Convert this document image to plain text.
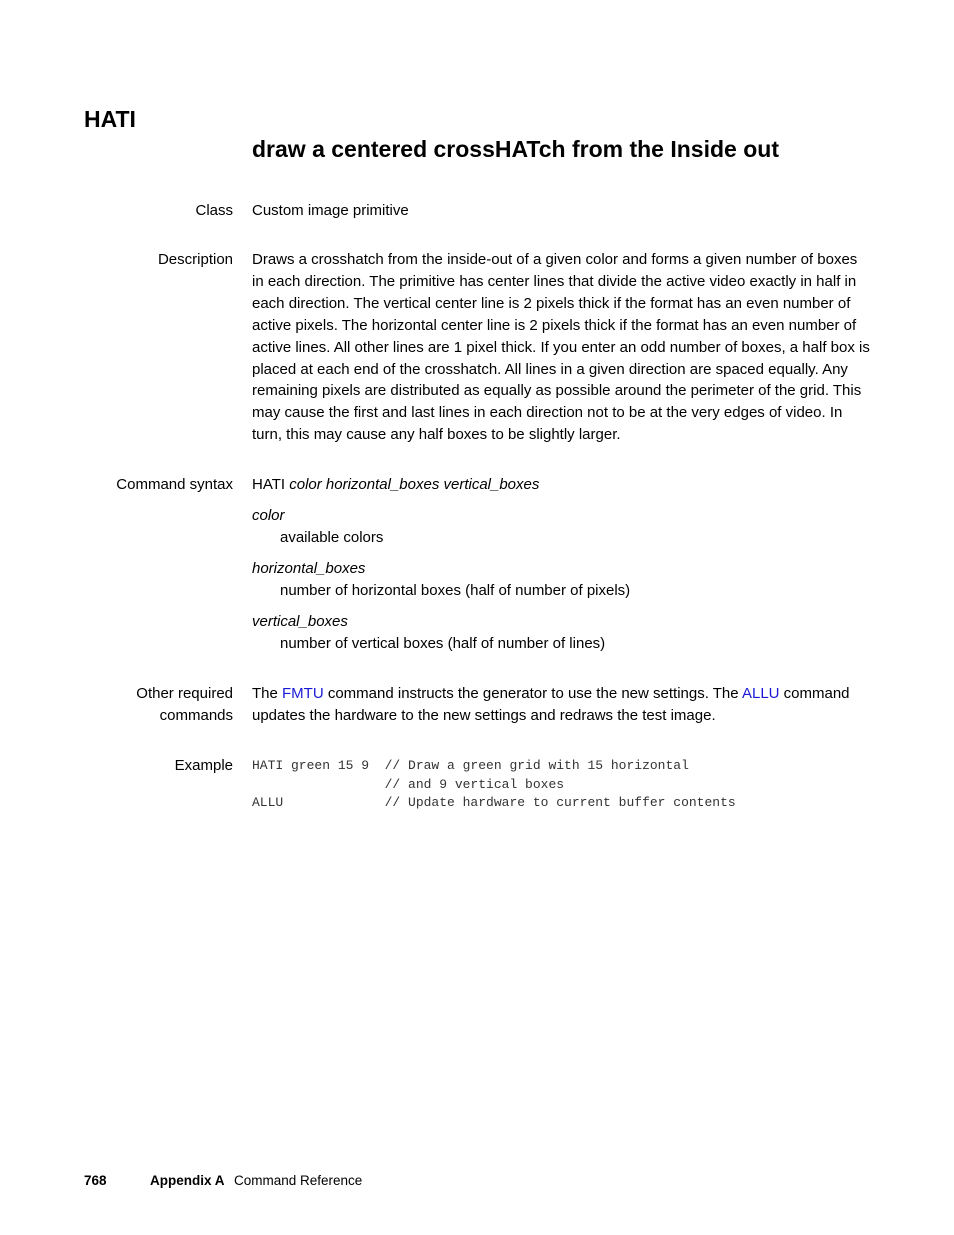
HATI
draw a centered crossHATch from the Inside out
Class Custom image primitive
Description Draws a crosshatch from the inside-out of a given color and forms a given number of boxes in each direction. The primitive has center lines that divide the active video exactly in half in each direction. The vertical center line is 2 pixels thick if the format has an even number of active pixels. The horizontal center line is 2 pixels thick if the format has an even number of active lines. All other lines are 1 pixel thick. If you enter an odd number of boxes, a half box is placed at each end of the crosshatch. All lines in a given direction are spaced equally. Any remaining pixels are distributed as equally as possible around the perimeter of the grid. This may cause the first and last lines in each direction not to be at the very edges of video. In turn, this may cause any half boxes to be slightly larger.
Command syntax HATI color horizontal_boxes vertical_boxes
color
available colors
horizontal_boxes
number of horizontal boxes (half of number of pixels)
vertical_boxes
number of vertical boxes (half of number of lines)
Other required
commands
The FMTU command instructs the generator to use the new settings. The ALLU command updates the hardware to the new settings and redraws the test image.
Example HATI green 15 9  // Draw a green grid with 15 horizontal
// and 9 vertical boxes
ALLU             // Update hardware to current buffer contents
768	Appendix A Command Reference
